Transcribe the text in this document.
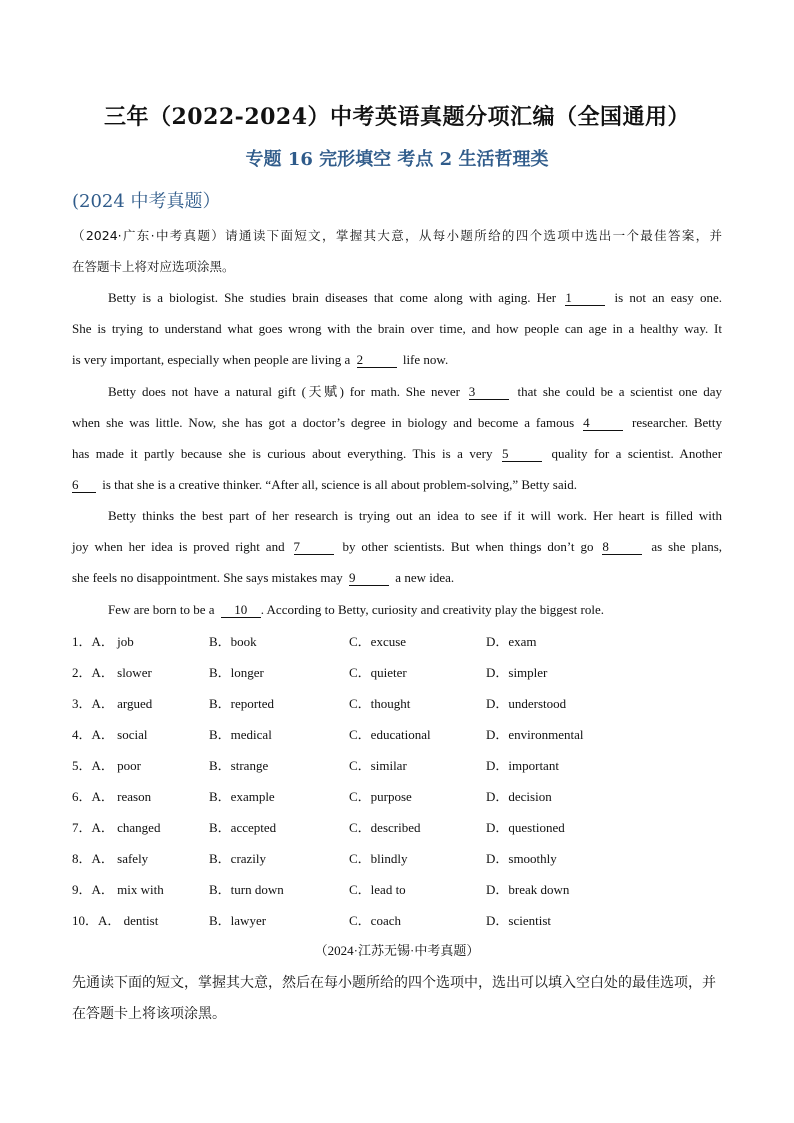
三年（2022-2024）中考英语真题分项汇编（全国通用）
专题 16 完形填空 考点 2 生活哲理类
(2024 中考真题）
（2024·广东·中考真题）请通读下面短文，掌握其大意，从每小题所给的四个选项中选出一个最佳答案，并
在答题卡上将对应选项涂黑。
Betty is a biologist. She studies brain diseases that come along with aging. Her 1	is not an easy one.
She is trying to understand what goes wrong with the brain over time, and how people can age in a healthy way. It
is very important, especially when people are living a 2	life now.
Betty does not have a natural gift (天赋) for math. She never 3	that she could be a scientist one day
when she was little. Now, she has got a doctor’s degree in biology and become a famous 4	researcher. Betty
has made it partly because she is curious about everything. This is a very 5	quality for a scientist. Another
6 is that she is a creative thinker. “After all, science is all about problem-solving,” Betty said.
Betty thinks the best part of her research is trying out an idea to see if it will work. Her heart is filled with
joy when her idea is proved right and 7	by other scientists. But when things don’t go 8	as she plans,
she feels no disappointment. She says mistakes may 9	a new idea.
Few are born to be a 10 . According to Betty, curiosity and creativity play the biggest role.
1．A． job	B．book	C．excuse	D．exam
2．A． slower	B．longer	C．quieter	D．simpler
3．A． argued	B．reported	C．thought	D．understood
4．A． social	B．medical	C．educational	D．environmental
5．A． poor	B．strange	C．similar	D．important
6．A． reason	B．example	C．purpose	D．decision
7．A． changed	B．accepted	C．described	D．questioned
8．A． safely	B．crazily	C．blindly	D．smoothly
9．A． mix with	B．turn down	C．lead to	D．break down
10．A． dentist	B．lawyer	C．coach	D．scientist
（2024·江苏无锡·中考真题）
先通读下面的短文，掌握其大意，然后在每小题所给的四个选项中，选出可以填入空白处的最佳选项，并
在答题卡上将该项涂黑。
